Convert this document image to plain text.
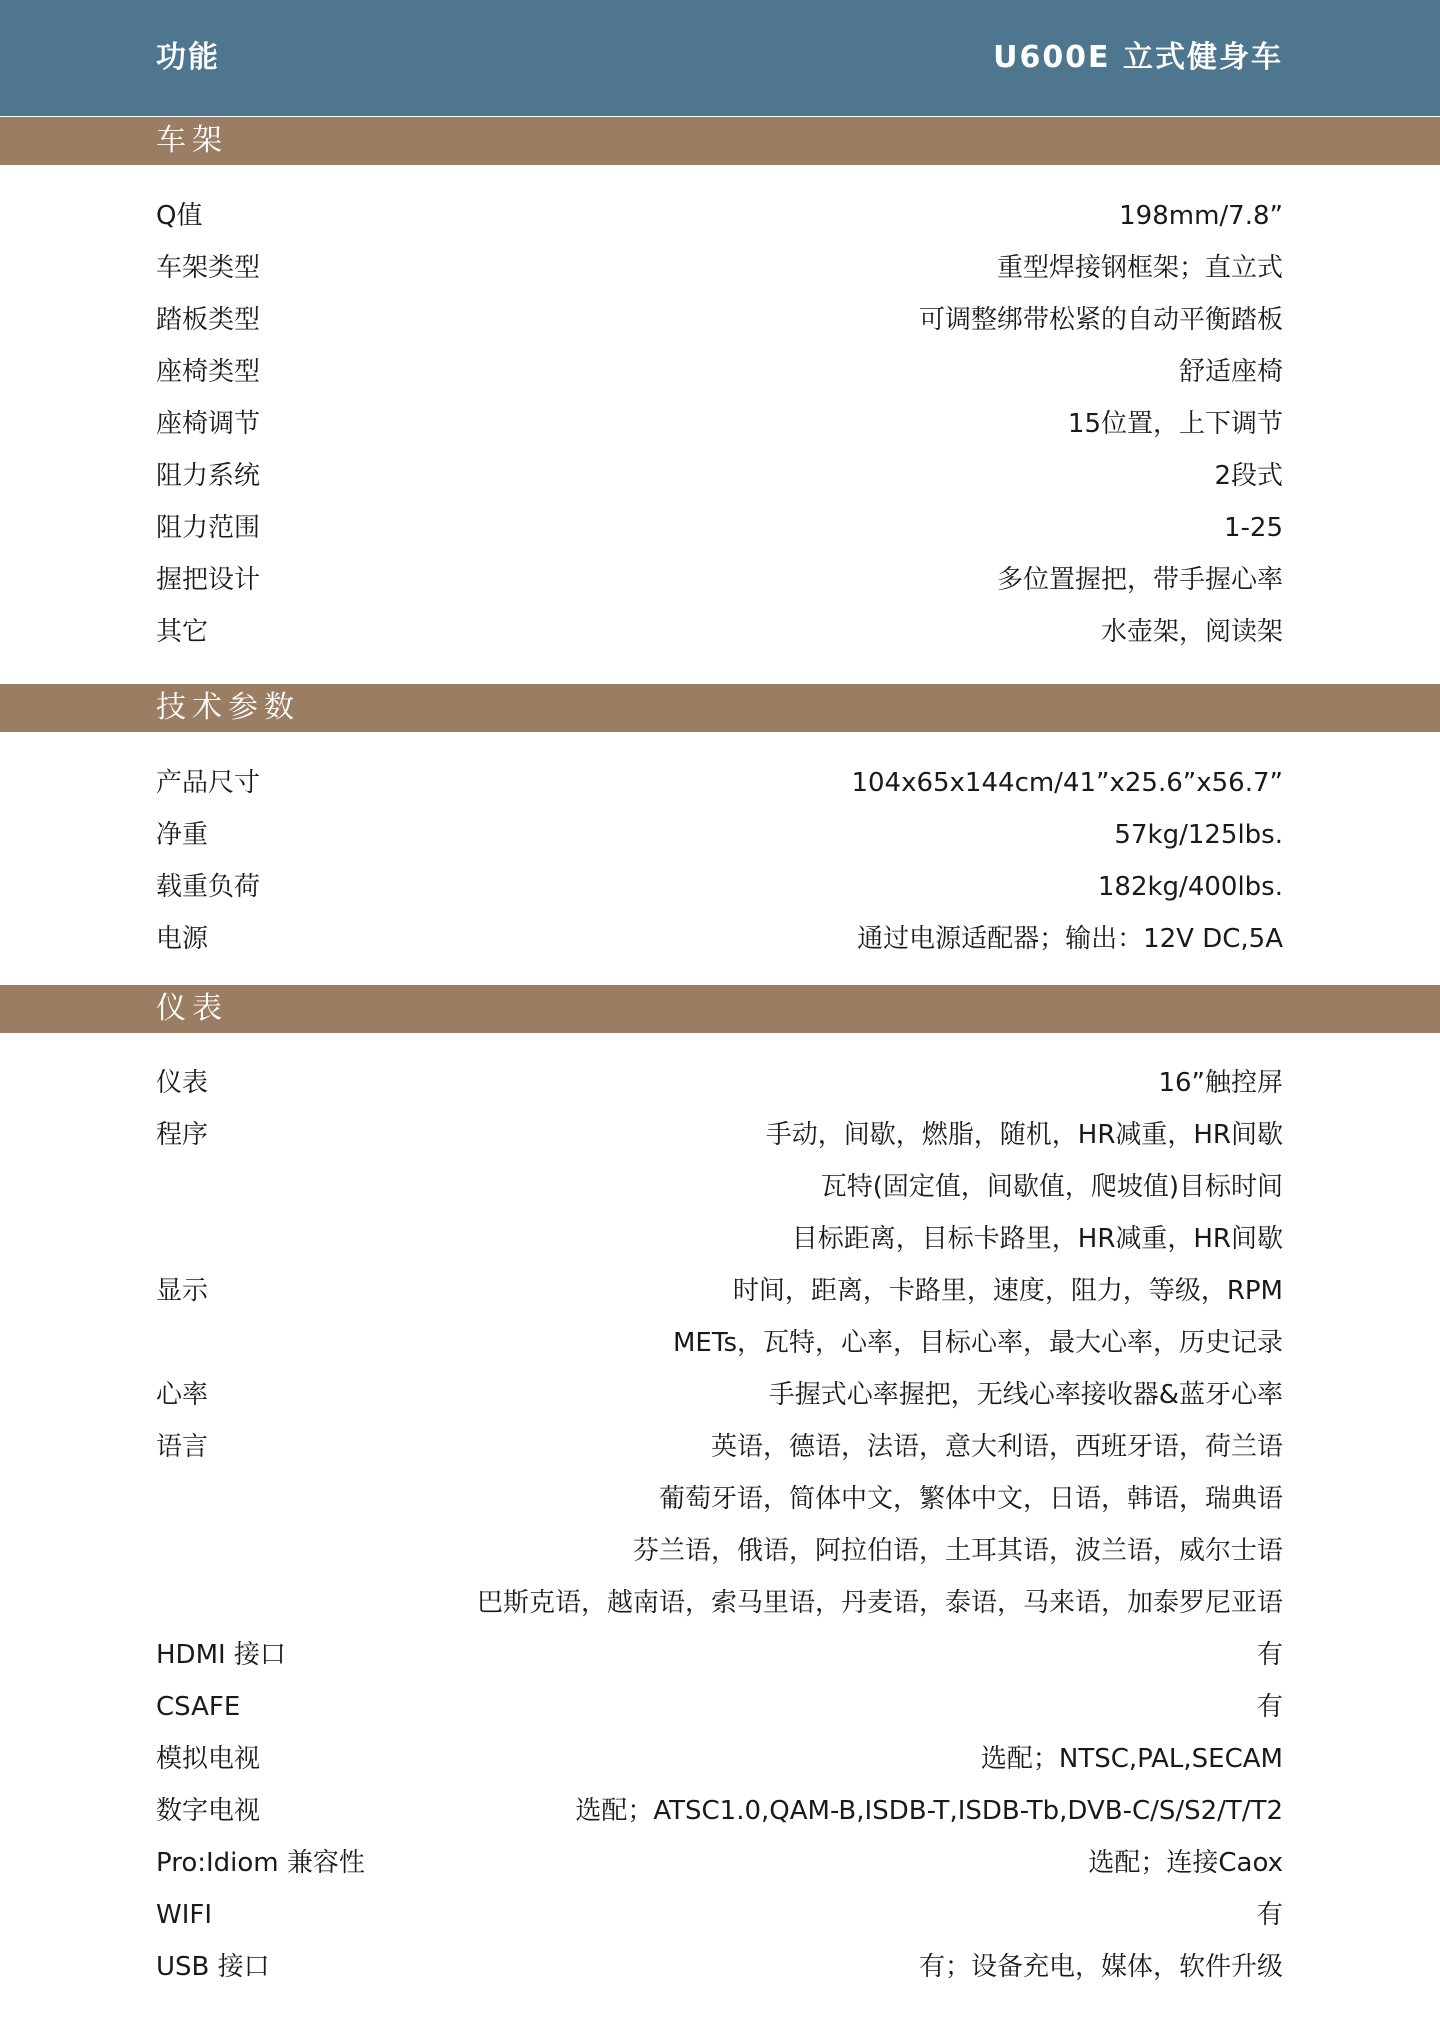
功能	U600E 立式健身车
车架
Q值	198mm/7.8”
车架类型	重型焊接钢框架；直立式
踏板类型	可调整绑带松紧的自动平衡踏板
座椅类型	舒适座椅
座椅调节	15位置，上下调节
阻力系统	2段式
阻力范围	1-25
握把设计	多位置握把，带手握心率
其它	水壶架，阅读架
技术参数
产品尺寸	104x65x144cm/41”x25.6”x56.7”
净重	57kg/125lbs.
载重负荷	182kg/400lbs.
电源	通过电源适配器；输出：12V DC,5A
仪表
仪表	16”触控屏
程序	手动，间歇，燃脂，随机，HR减重，HR间歇
瓦特(固定值，间歇值，爬坡值)目标时间
目标距离，目标卡路里，HR减重，HR间歇
显示	时间，距离，卡路里，速度，阻力，等级，RPM
METs，瓦特，心率，目标心率，最大心率，历史记录
心率	手握式心率握把，无线心率接收器&蓝牙心率
语言	英语，德语，法语，意大利语，西班牙语，荷兰语
葡萄牙语，简体中文，繁体中文，日语，韩语，瑞典语
芬兰语，俄语，阿拉伯语，土耳其语，波兰语，威尔士语
巴斯克语，越南语，索马里语，丹麦语，泰语，马来语，加泰罗尼亚语
HDMI 接口	有
CSAFE	有
模拟电视	选配；NTSC,PAL,SECAM
数字电视	选配；ATSC1.0,QAM-B,ISDB-T,ISDB-Tb,DVB-C/S/S2/T/T2
Pro:Idiom 兼容性	选配；连接Caox
WIFI	有
USB 接口	有；设备充电，媒体，软件升级
